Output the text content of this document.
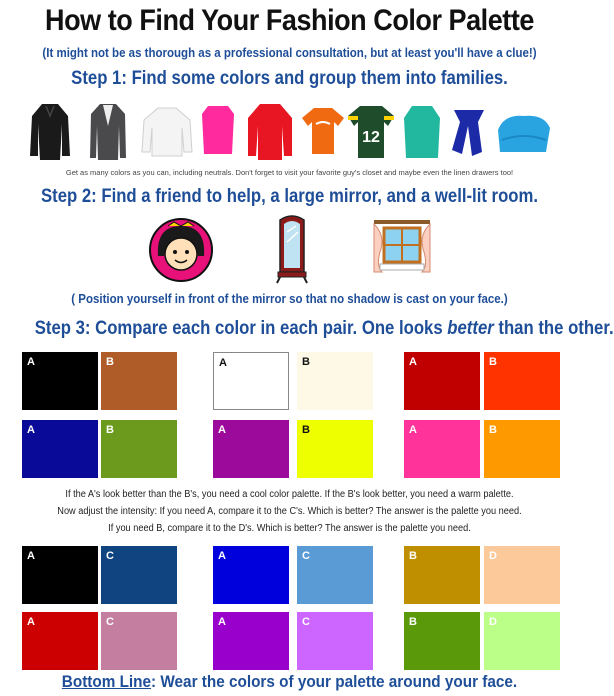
How to Find Your Fashion Color Palette
(It might not be as thorough as a professional consultation, but at least you'll have a clue!)
Step 1: Find some colors and group them into families.
12
Get as many colors as you can, including neutrals. Don't forget to visit your favorite guy's closet and maybe even the linen drawers too!
Step 2: Find a friend to help, a large mirror, and a well-lit room.
( Position yourself in front of the mirror so that no shadow is cast on your face.)
Step 3: Compare each color in each pair. One looks better than the other.
A	B	A	B	A	B
A	B	A	B	A	B
If the A's look better than the B's, you need a cool color palette. If the B's look better, you need a warm palette.
Now adjust the intensity: If you need A, compare it to the C's. Which is better? The answer is the palette you need.
If you need B, compare it to the D's. Which is better? The answer is the palette you need.
A	C	A	C	B	D
A	C	A	C	B	D
Bottom Line: Wear the colors of your palette around your face.
